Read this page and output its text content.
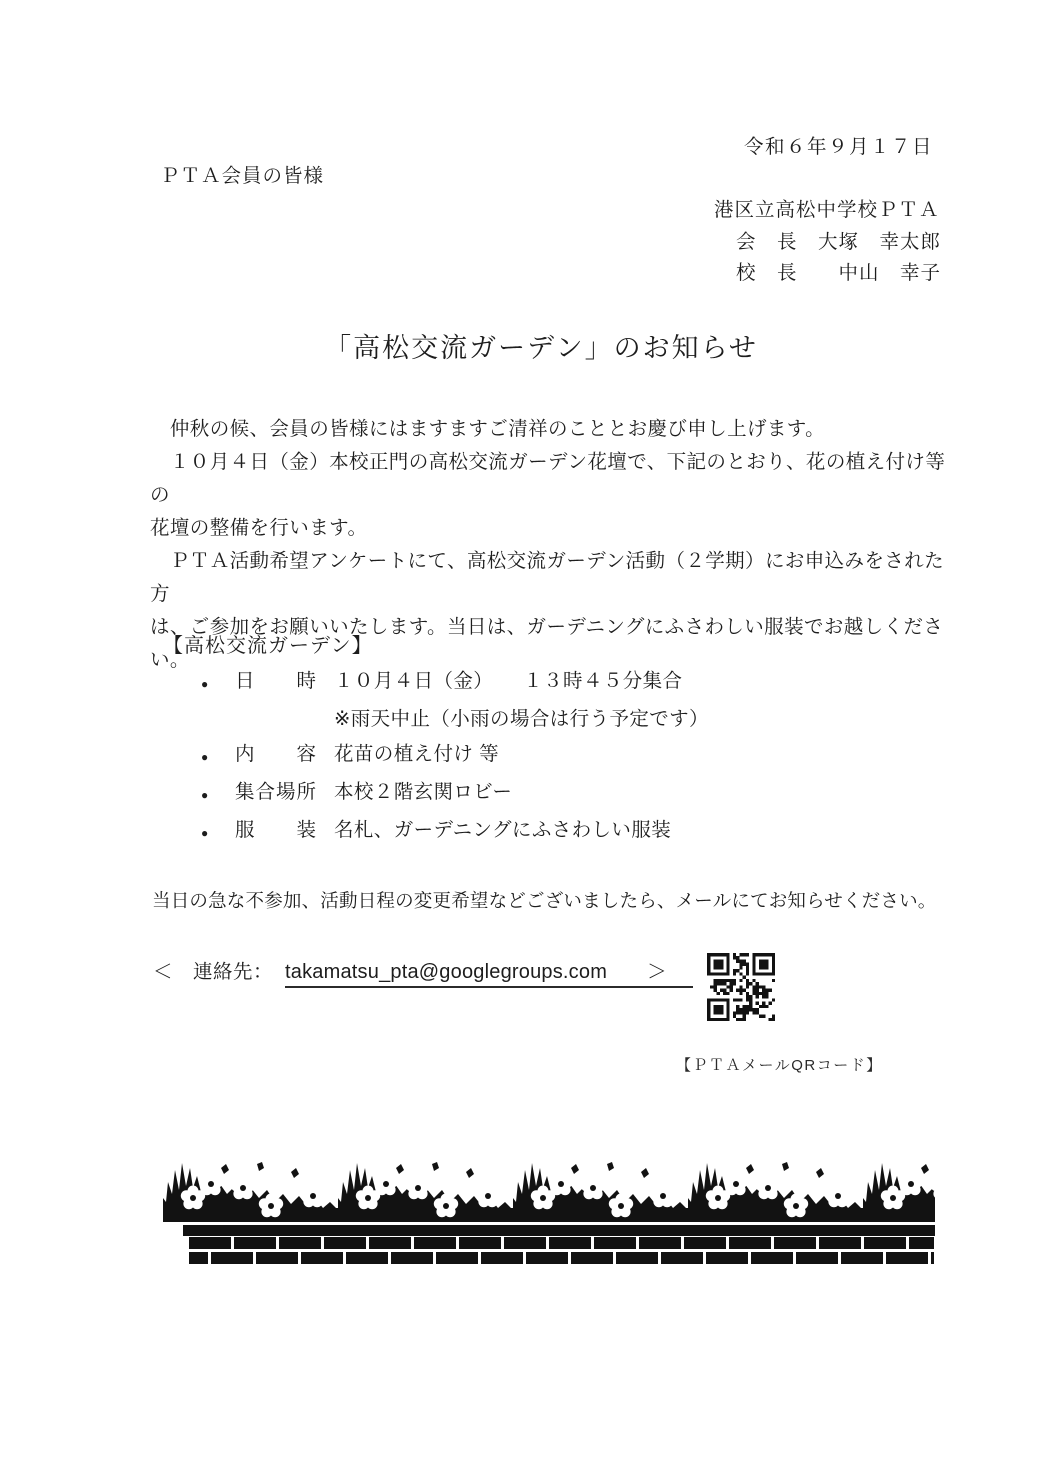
令和６年９月１７日
ＰＴＡ会員の皆様
港区立高松中学校ＰＴＡ
会　長　大塚　幸太郎
校　長　　中山　幸子
「高松交流ガーデン」のお知らせ
　仲秋の候、会員の皆様にはますますご清祥のこととお慶び申し上げます。
　１０月４日（金）本校正門の高松交流ガーデン花壇で、下記のとおり、花の植え付け等の
花壇の整備を行います。
　ＰＴＡ活動希望アンケートにて、高松交流ガーデン活動（２学期）にお申込みをされた方
は、ご参加をお願いいたします。当日は、ガーデニングにふさわしい服装でお越しください。
【高松交流ガーデン】
●	日　　時 １０月４日（金）　　１３時４５分集合
※雨天中止（小雨の場合は行う予定です）
●	内　　容 花苗の植え付け 等
●	集合場所 本校２階玄関ロビー
●	服　　装 名札、ガーデニングにふさわしい服装
当日の急な不参加、活動日程の変更希望などございましたら、メールにてお知らせください。
＜　連絡先： takamatsu_pta@googlegroups.com ＞
【ＰＴＡメールQRコード】
